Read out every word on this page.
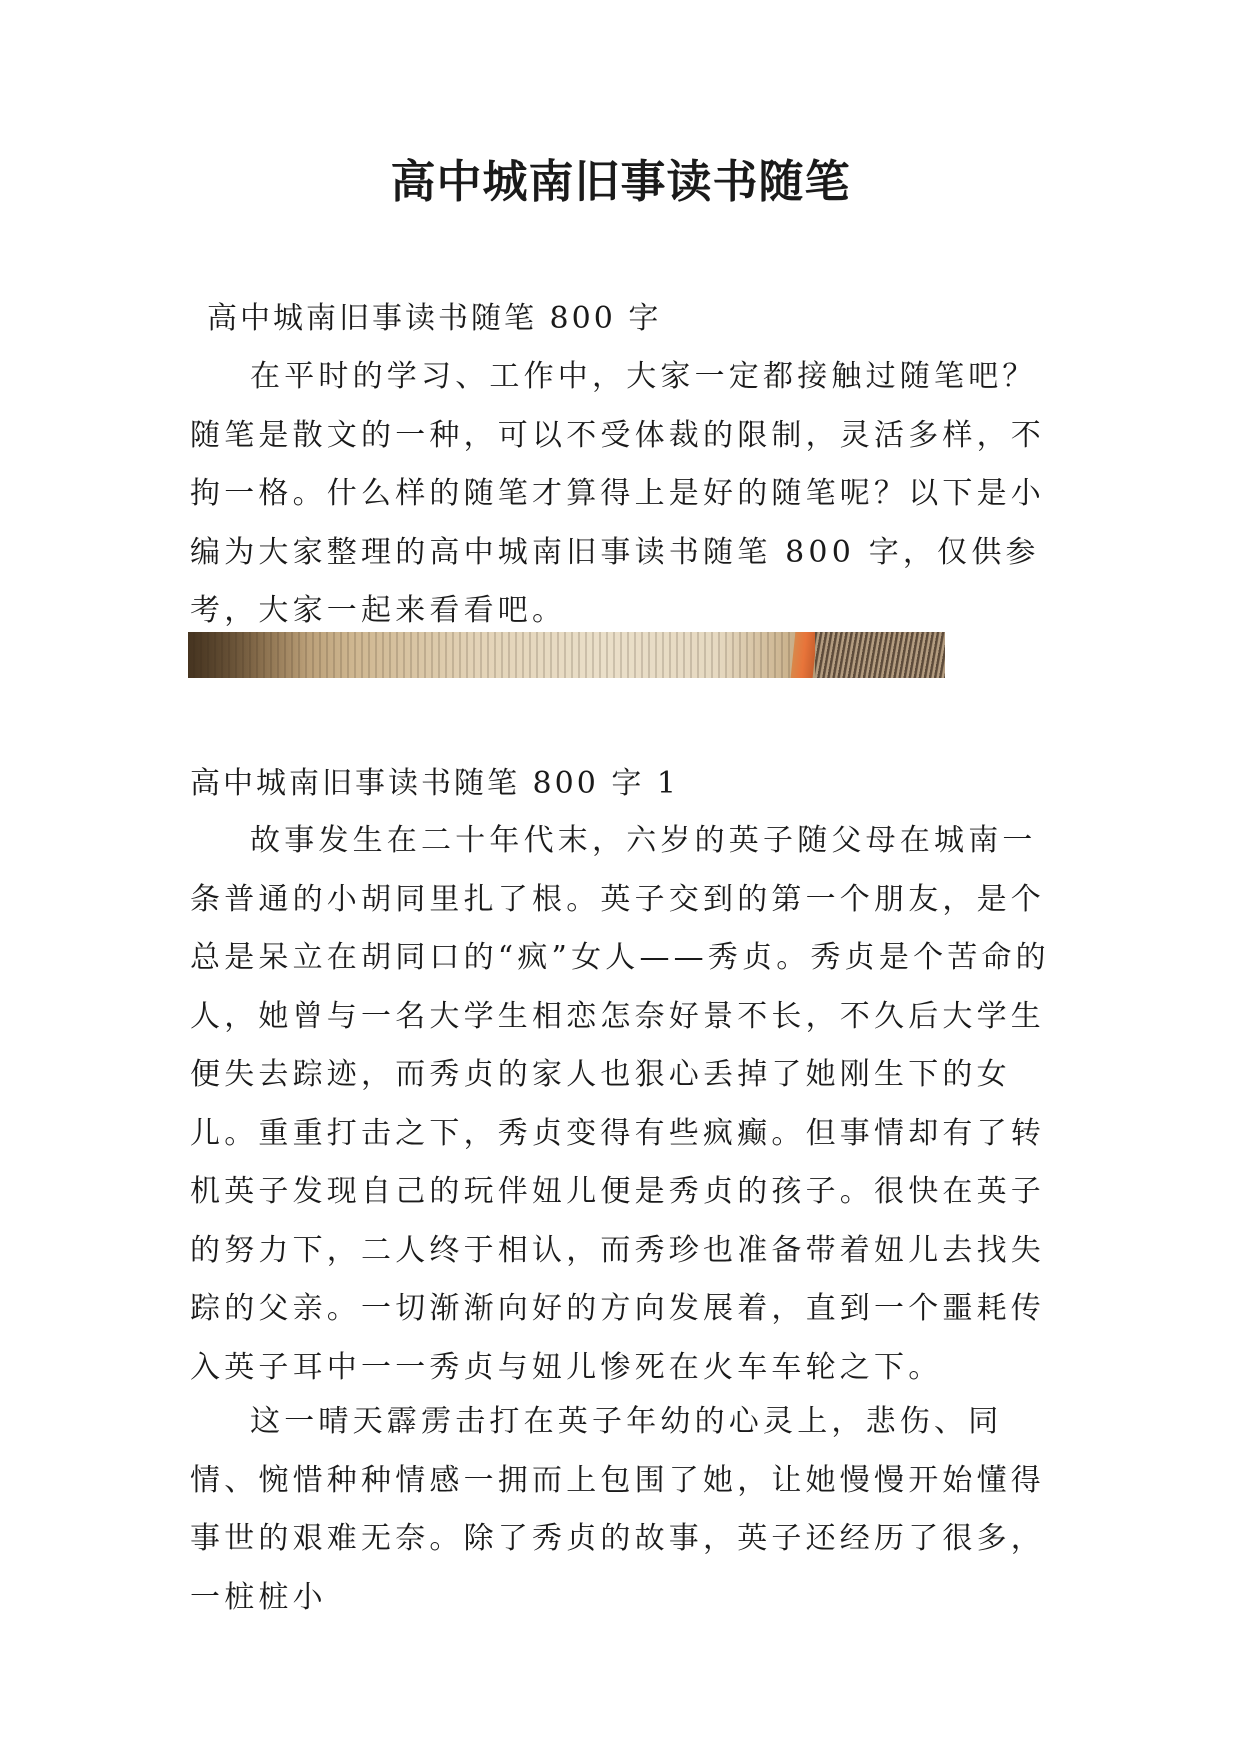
高中城南旧事读书随笔

高中城南旧事读书随笔 800 字

在平时的学习、工作中，大家一定都接触过随笔吧？随笔是散文的一种，可以不受体裁的限制，灵活多样，不拘一格。什么样的随笔才算得上是好的随笔呢？以下是小编为大家整理的高中城南旧事读书随笔 800 字，仅供参考，大家一起来看看吧。

高中城南旧事读书随笔 800 字 1

故事发生在二十年代末，六岁的英子随父母在城南一条普通的小胡同里扎了根。英子交到的第一个朋友，是个总是呆立在胡同口的“疯”女人——秀贞。秀贞是个苦命的人，她曾与一名大学生相恋怎奈好景不长，不久后大学生便失去踪迹，而秀贞的家人也狠心丢掉了她刚生下的女儿。重重打击之下，秀贞变得有些疯癫。但事情却有了转机英子发现自己的玩伴妞儿便是秀贞的孩子。很快在英子的努力下，二人终于相认，而秀珍也准备带着妞儿去找失踪的父亲。一切渐渐向好的方向发展着，直到一个噩耗传入英子耳中一一秀贞与妞儿惨死在火车车轮之下。

这一晴天霹雳击打在英子年幼的心灵上，悲伤、同情、惋惜种种情感一拥而上包围了她，让她慢慢开始懂得事世的艰难无奈。除了秀贞的故事，英子还经历了很多，一桩桩小
